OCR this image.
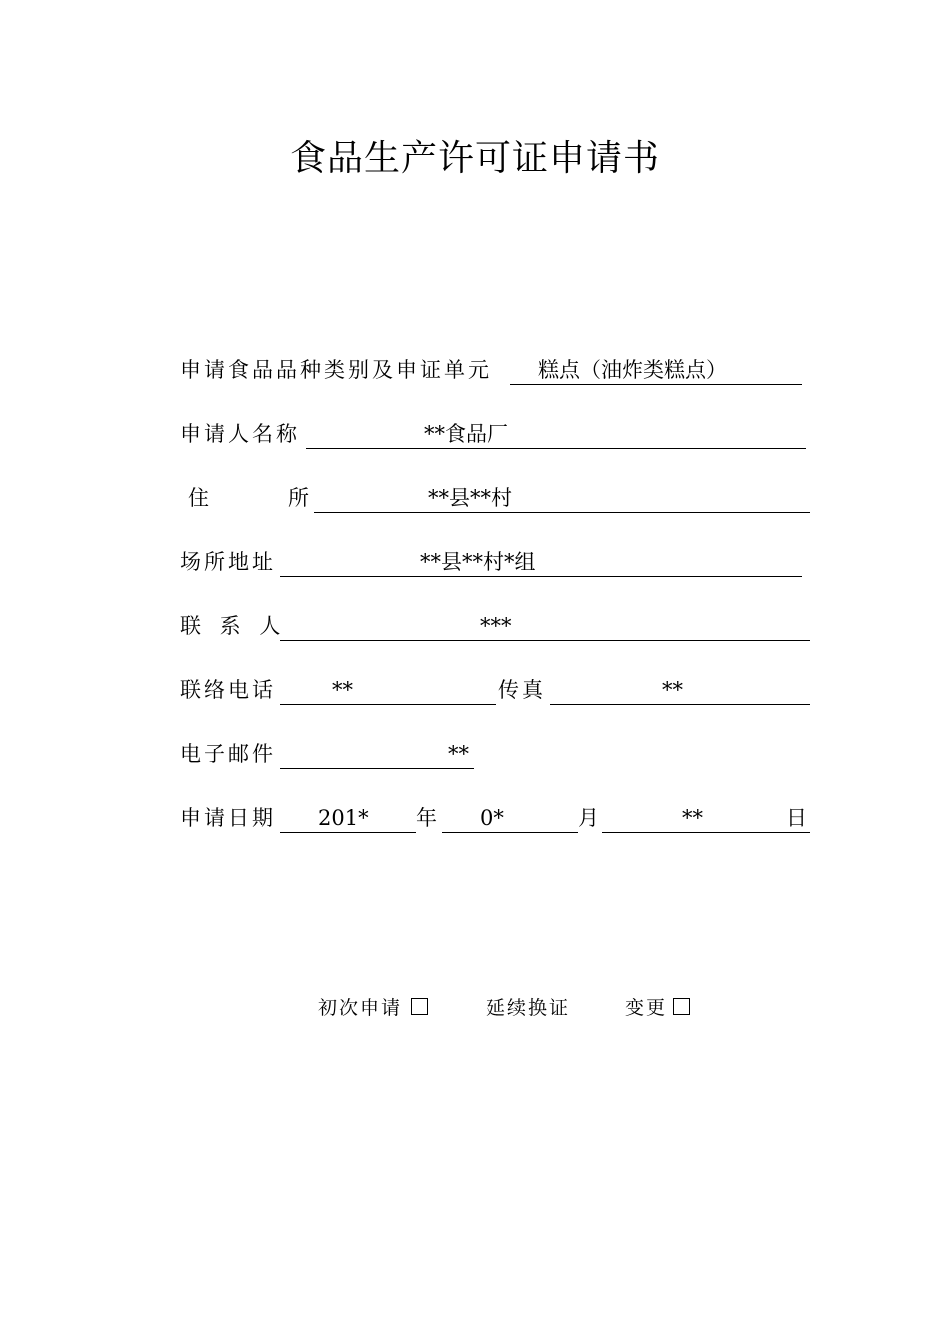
食品生产许可证申请书
申请食品品种类别及申证单元 糕点（油炸类糕点）
申请人名称	**食品厂
住	所	**县**村
场所地址	**县**村*组
联 系 人	***
联络电话	**	传真	**
电子邮件	**
申请日期 201* 年 0*	月	**	日
初次申请	延续换证	变更
